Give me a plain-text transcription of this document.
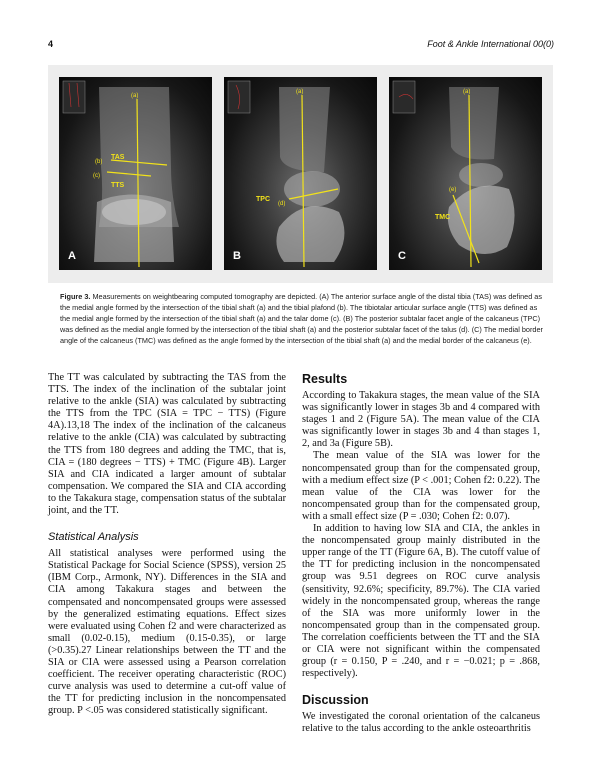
4	Foot & Ankle International 00(0)
(a)
(b)
(c)
TAS
TTS
A
(a)
(d)
TPC
B
(a)
(e)
TMC
C

Figure 3. Measurements on weightbearing computed tomography are depicted. (A) The anterior surface angle of the distal tibia (TAS) was defined as the medial angle formed by the intersection of the tibial shaft (a) and the tibial plafond (b). The tibiotalar articular surface angle (TTS) was defined as the medial angle formed by the intersection of the tibial shaft (a) and the talar dome (c). (B) The posterior subtalar facet angle of the calcaneus (TPC) was defined as the medial angle formed by the intersection of the tibial shaft (a) and the posterior subtalar facet of the talus (d). (C) The medial border angle of the calcaneus (TMC) was defined as the angle formed by the intersection of the tibial shaft (a) and the medial border of the calcaneus (e).

The TT was calculated by subtracting the TAS from the TTS. The index of the inclination of the subtalar joint relative to the ankle (SIA) was calculated by subtracting the TTS from the TPC (SIA = TPC − TTS) (Figure 4A).13,18 The index of the inclination of the calcaneus relative to the ankle (CIA) was calculated by subtracting the TTS from 180 degrees and adding the TMC, that is, CIA = (180 degrees − TTS) + TMC (Figure 4B). Larger SIA and CIA indicated a larger amount of subtalar compensation. We compared the SIA and CIA according to the Takakura stage, compensation status of the subtalar joint, and the TT.

Statistical Analysis

All statistical analyses were performed using the Statistical Package for Social Science (SPSS), version 25 (IBM Corp., Armonk, NY). Differences in the SIA and CIA among Takakura stages and between the compensated and noncompensated groups were assessed by the generalized estimating equations. Effect sizes were evaluated using Cohen f2 and were characterized as small (0.02-0.15), medium (0.15-0.35), or large (>0.35).27 Linear relationships between the TT and the SIA or CIA were assessed using a Pearson correlation coefficient. The receiver operating characteristic (ROC) curve analysis was used to determine a cut-off value of the TT for predicting inclusion in the noncompensated group. P <.05 was considered statistically significant.

Results

According to Takakura stages, the mean value of the SIA was significantly lower in stages 3b and 4 compared with stages 1 and 2 (Figure 5A). The mean value of the CIA was significantly lower in stages 3b and 4 than stages 1, 2, and 3a (Figure 5B).

The mean value of the SIA was lower for the noncompensated group than for the compensated group, with a medium effect size (P < .001; Cohen f2: 0.22). The mean value of the CIA was lower for the noncompensated group than for the compensated group, with a small effect size (P = .030; Cohen f2: 0.07).

In addition to having low SIA and CIA, the ankles in the noncompensated group mainly distributed in the upper range of the TT (Figure 6A, B). The cutoff value of the TT for predicting inclusion in the noncompensated group was 9.51 degrees on ROC curve analysis (sensitivity, 92.6%; specificity, 89.7%). The CIA varied widely in the noncompensated group, whereas the range of the SIA was more uniformly lower in the noncompensated group than in the compensated group. The correlation coefficients between the TT and the SIA or CIA were not significant within the compensated group (r = 0.150, P = .240, and r = −0.021; p = .868, respectively).

Discussion

We investigated the coronal orientation of the calcaneus relative to the talus according to the ankle osteoarthritis
